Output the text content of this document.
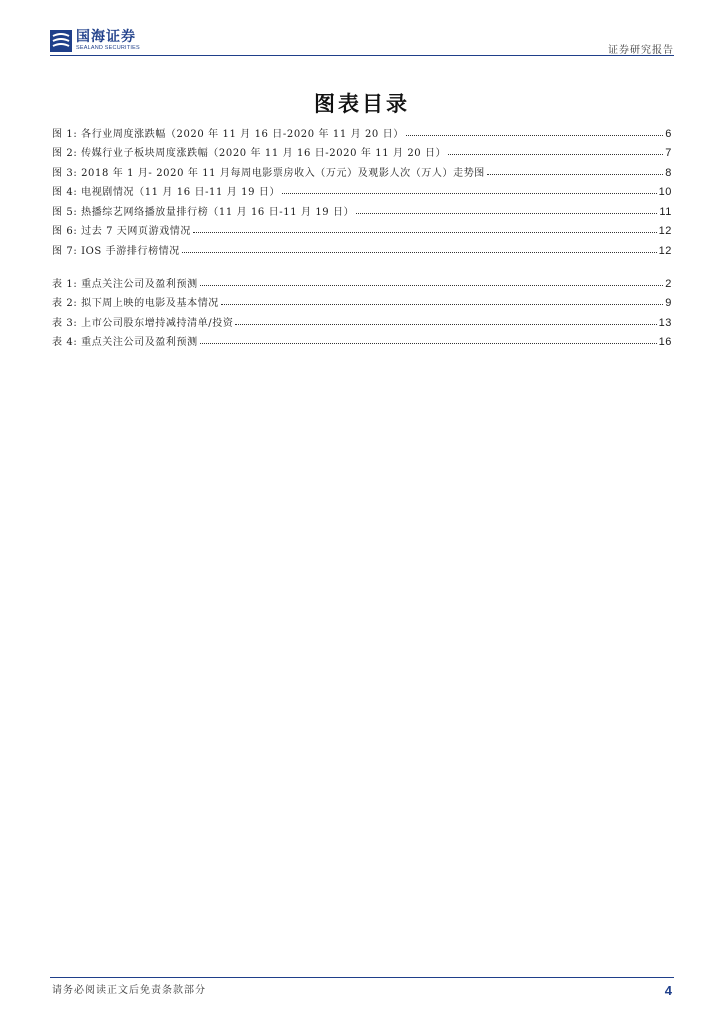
国海证券
SEALAND SECURITIES	证券研究报告
图表目录
图 1: 各行业周度涨跌幅（2020 年 11 月 16 日-2020 年 11 月 20 日）	6
图 2: 传媒行业子板块周度涨跌幅（2020 年 11 月 16 日-2020 年 11 月 20 日）	7
图 3: 2018 年 1 月- 2020 年 11 月每周电影票房收入（万元）及观影人次（万人）走势图	8
图 4: 电视剧情况（11 月 16 日-11 月 19 日）	10
图 5: 热播综艺网络播放量排行榜（11 月 16 日-11 月 19 日）	11
图 6: 过去 7 天网页游戏情况	12
图 7: IOS 手游排行榜情况	12
表 1: 重点关注公司及盈利预测	2
表 2: 拟下周上映的电影及基本情况	9
表 3: 上市公司股东增持减持清单/投资	13
表 4: 重点关注公司及盈利预测	16
请务必阅读正文后免责条款部分	4
